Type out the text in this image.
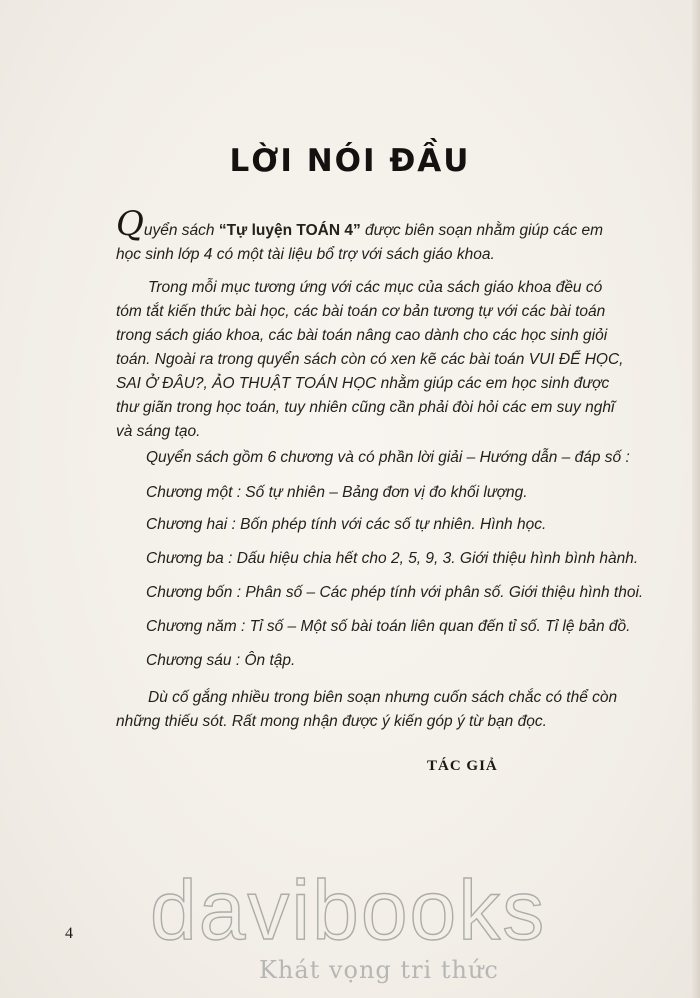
LỜI NÓI ĐẦU
Quyển sách “Tự luyện TOÁN 4” được biên soạn nhằm giúp các em học sinh lớp 4 có một tài liệu bổ trợ với sách giáo khoa.
Trong mỗi mục tương ứng với các mục của sách giáo khoa đều có tóm tắt kiến thức bài học, các bài toán cơ bản tương tự với các bài toán trong sách giáo khoa, các bài toán nâng cao dành cho các học sinh giỏi toán. Ngoài ra trong quyển sách còn có xen kẽ các bài toán VUI ĐỂ HỌC, SAI Ở ĐÂU?, ẢO THUẬT TOÁN HỌC nhằm giúp các em học sinh được thư giãn trong học toán, tuy nhiên cũng cần phải đòi hỏi các em suy nghĩ và sáng tạo.
Quyển sách gồm 6 chương và có phần lời giải – Hướng dẫn – đáp số :
Chương một : Số tự nhiên – Bảng đơn vị đo khối lượng.
Chương hai : Bốn phép tính với các số tự nhiên. Hình học.
Chương ba : Dấu hiệu chia hết cho 2, 5, 9, 3. Giới thiệu hình bình hành.
Chương bốn : Phân số – Các phép tính với phân số. Giới thiệu hình thoi.
Chương năm : Tỉ số – Một số bài toán liên quan đến tỉ số. Tỉ lệ bản đồ.
Chương sáu : Ôn tập.
Dù cố gắng nhiều trong biên soạn nhưng cuốn sách chắc có thể còn những thiếu sót. Rất mong nhận được ý kiến góp ý từ bạn đọc.
TÁC GIẢ
4 davibooks
Khát vọng tri thức
